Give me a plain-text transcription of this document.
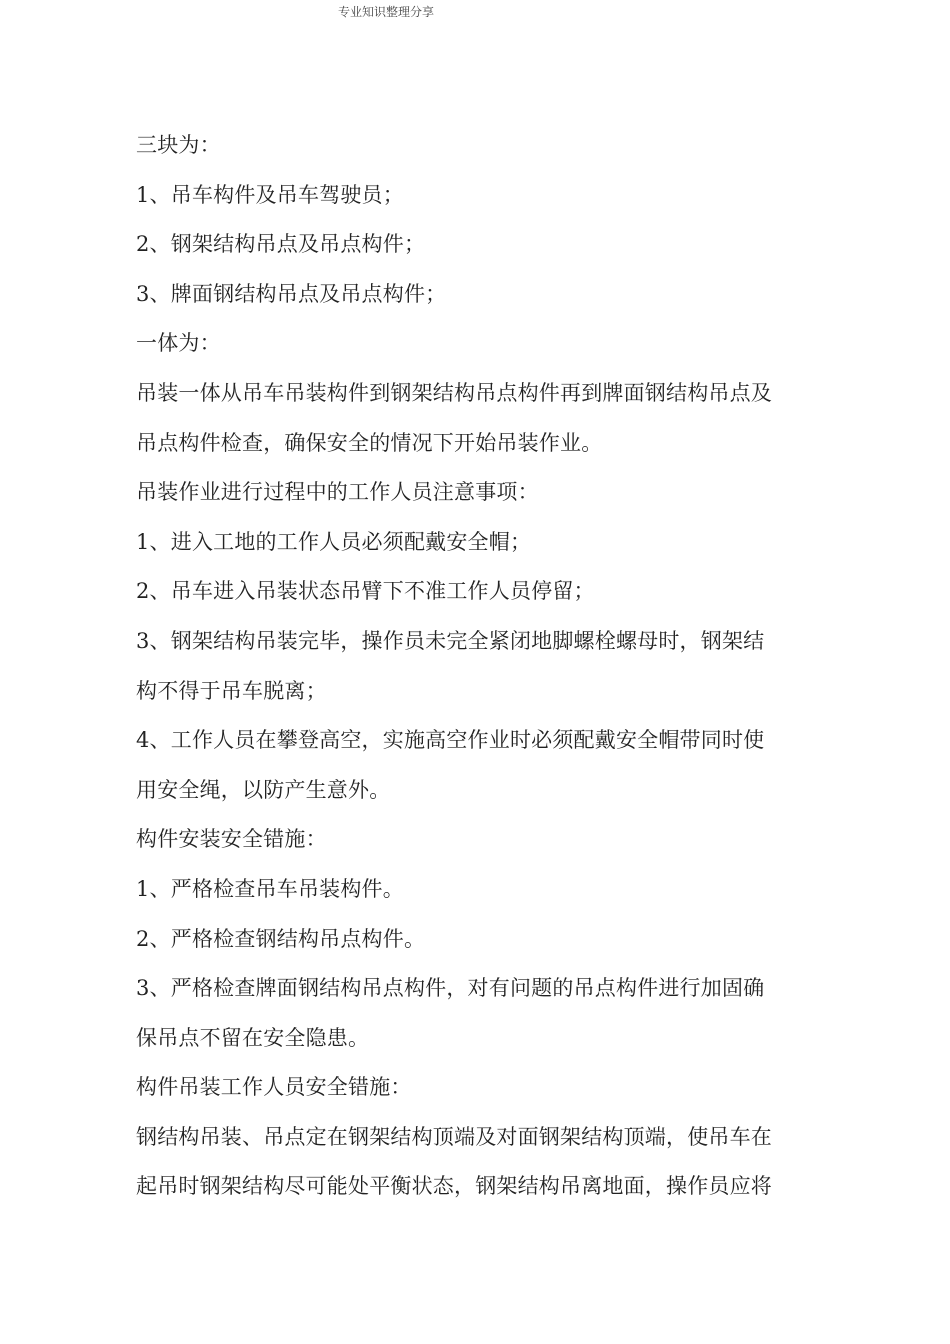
专业知识整理分享

三块为：

1、吊车构件及吊车驾驶员；

2、钢架结构吊点及吊点构件；

3、牌面钢结构吊点及吊点构件；

一体为：

吊装一体从吊车吊装构件到钢架结构吊点构件再到牌面钢结构吊点及

吊点构件检查，确保安全的情况下开始吊装作业。

吊装作业进行过程中的工作人员注意事项：

1、进入工地的工作人员必须配戴安全帽；

2、吊车进入吊装状态吊臂下不准工作人员停留；

3、钢架结构吊装完毕，操作员未完全紧闭地脚螺栓螺母时，钢架结

构不得于吊车脱离；

4、工作人员在攀登高空，实施高空作业时必须配戴安全帽带同时使

用安全绳，以防产生意外。

构件安装安全错施：

1、严格检查吊车吊装构件。

2、严格检查钢结构吊点构件。

3、严格检查牌面钢结构吊点构件，对有问题的吊点构件进行加固确

保吊点不留在安全隐患。

构件吊装工作人员安全错施：

钢结构吊装、吊点定在钢架结构顶端及对面钢架结构顶端，使吊车在

起吊时钢架结构尽可能处平衡状态，钢架结构吊离地面，操作员应将
